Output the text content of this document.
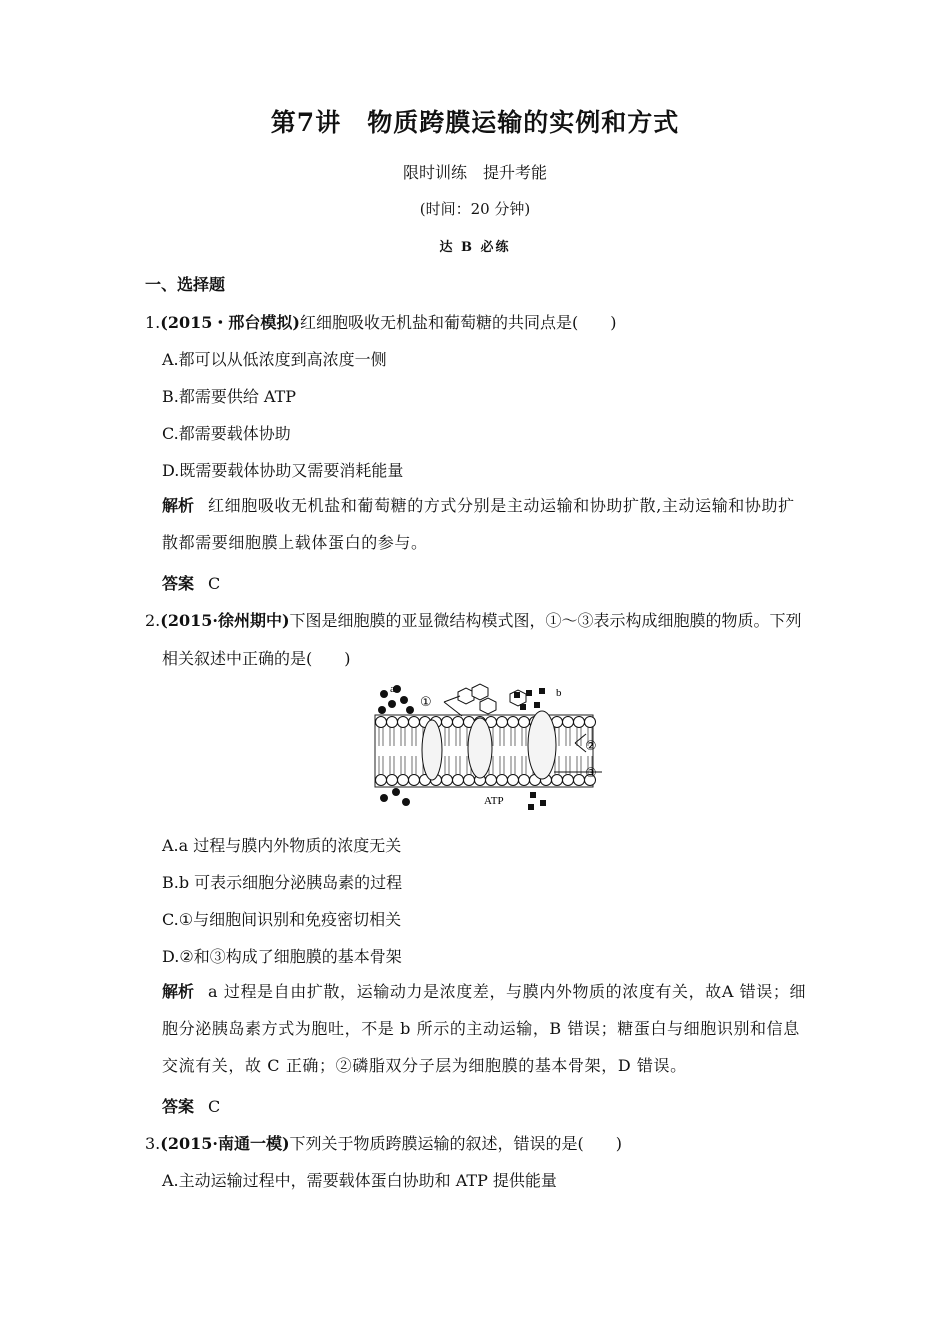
第7讲　物质跨膜运输的实例和方式
限时训练　提升考能
(时间：20 分钟)
达 B 必练
一、选择题
1.(2015・邢台模拟)红细胞吸收无机盐和葡萄糖的共同点是(　　)
A.都可以从低浓度到高浓度一侧
B.都需要供给 ATP
C.都需要载体协助
D.既需要载体协助又需要消耗能量
解析 红细胞吸收无机盐和葡萄糖的方式分别是主动运输和协助扩散,主动运输和协助扩散都需要细胞膜上载体蛋白的参与。
答案 C
2.(2015·徐州期中)下图是细胞膜的亚显微结构模式图，①～③表示构成细胞膜的物质。下列
相关叙述中正确的是(　　)
a	b
①
②
③
ATP
A.a 过程与膜内外物质的浓度无关
B.b 可表示细胞分泌胰岛素的过程
C.①与细胞间识别和免疫密切相关
D.②和③构成了细胞膜的基本骨架
解析 a 过程是自由扩散，运输动力是浓度差，与膜内外物质的浓度有关，故A 错误；细胞分泌胰岛素方式为胞吐，不是 b 所示的主动运输，B 错误；糖蛋白与细胞识别和信息交流有关，故 C 正确；②磷脂双分子层为细胞膜的基本骨架，D 错误。
答案 C
3.(2015·南通一模)下列关于物质跨膜运输的叙述，错误的是(　　)
A.主动运输过程中，需要载体蛋白协助和 ATP 提供能量
